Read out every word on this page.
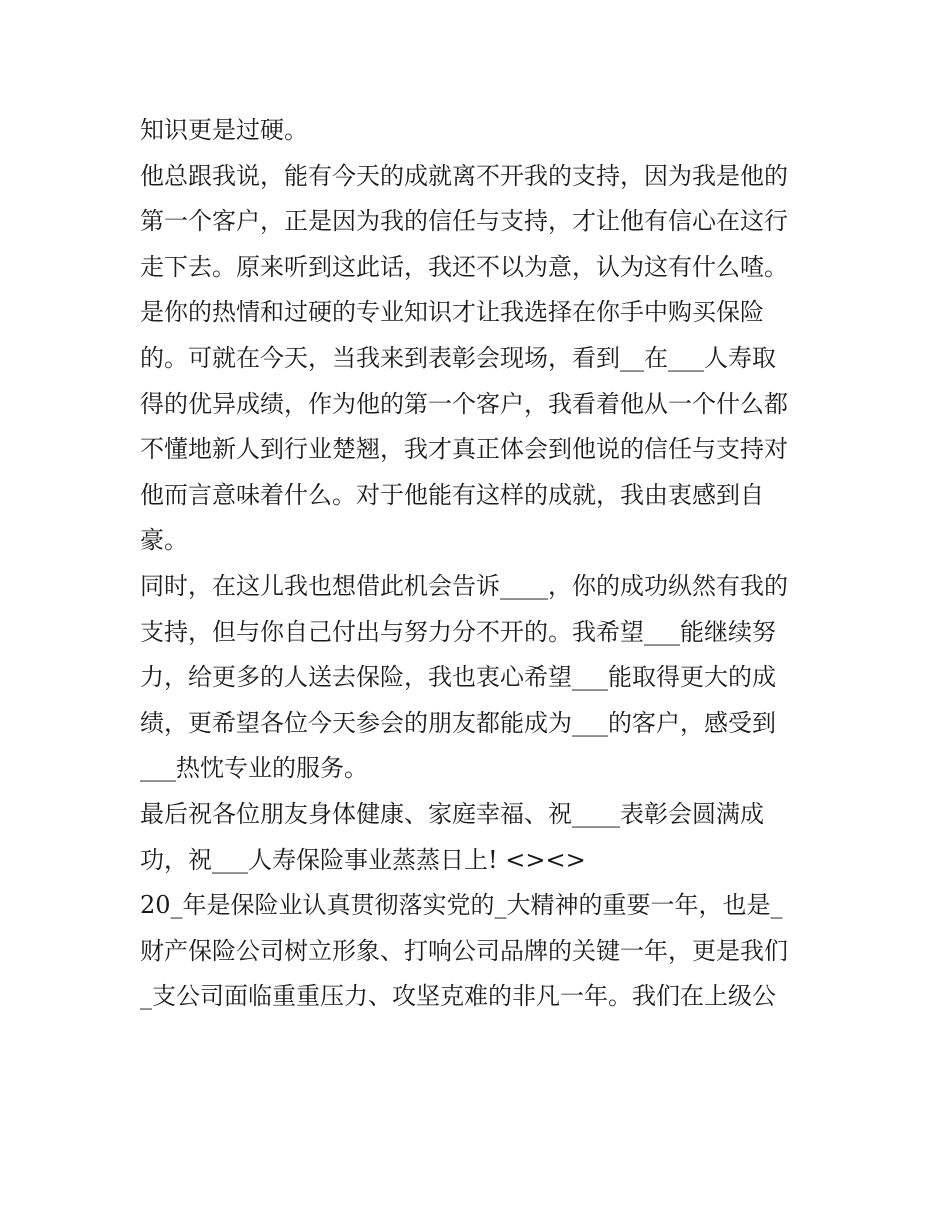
知识更是过硬。
他总跟我说，能有今天的成就离不开我的支持，因为我是他的
第一个客户，正是因为我的信任与支持，才让他有信心在这行
走下去。原来听到这此话，我还不以为意，认为这有什么喳。
是你的热情和过硬的专业知识才让我选择在你手中购买保险
的。可就在今天，当我来到表彰会现场，看到__在___人寿取
得的优异成绩，作为他的第一个客户，我看着他从一个什么都
不懂地新人到行业楚翘，我才真正体会到他说的信任与支持对
他而言意味着什么。对于他能有这样的成就，我由衷感到自
豪。
同时，在这儿我也想借此机会告诉____，你的成功纵然有我的
支持，但与你自己付出与努力分不开的。我希望___能继续努
力，给更多的人送去保险，我也衷心希望___能取得更大的成
绩，更希望各位今天参会的朋友都能成为___的客户，感受到
___热忱专业的服务。
最后祝各位朋友身体健康、家庭幸福、祝____表彰会圆满成
功，祝___人寿保险事业蒸蒸日上! <><>
20_年是保险业认真贯彻落实党的_大精神的重要一年，也是_
财产保险公司树立形象、打响公司品牌的关键一年，更是我们
_支公司面临重重压力、攻坚克难的非凡一年。我们在上级公
